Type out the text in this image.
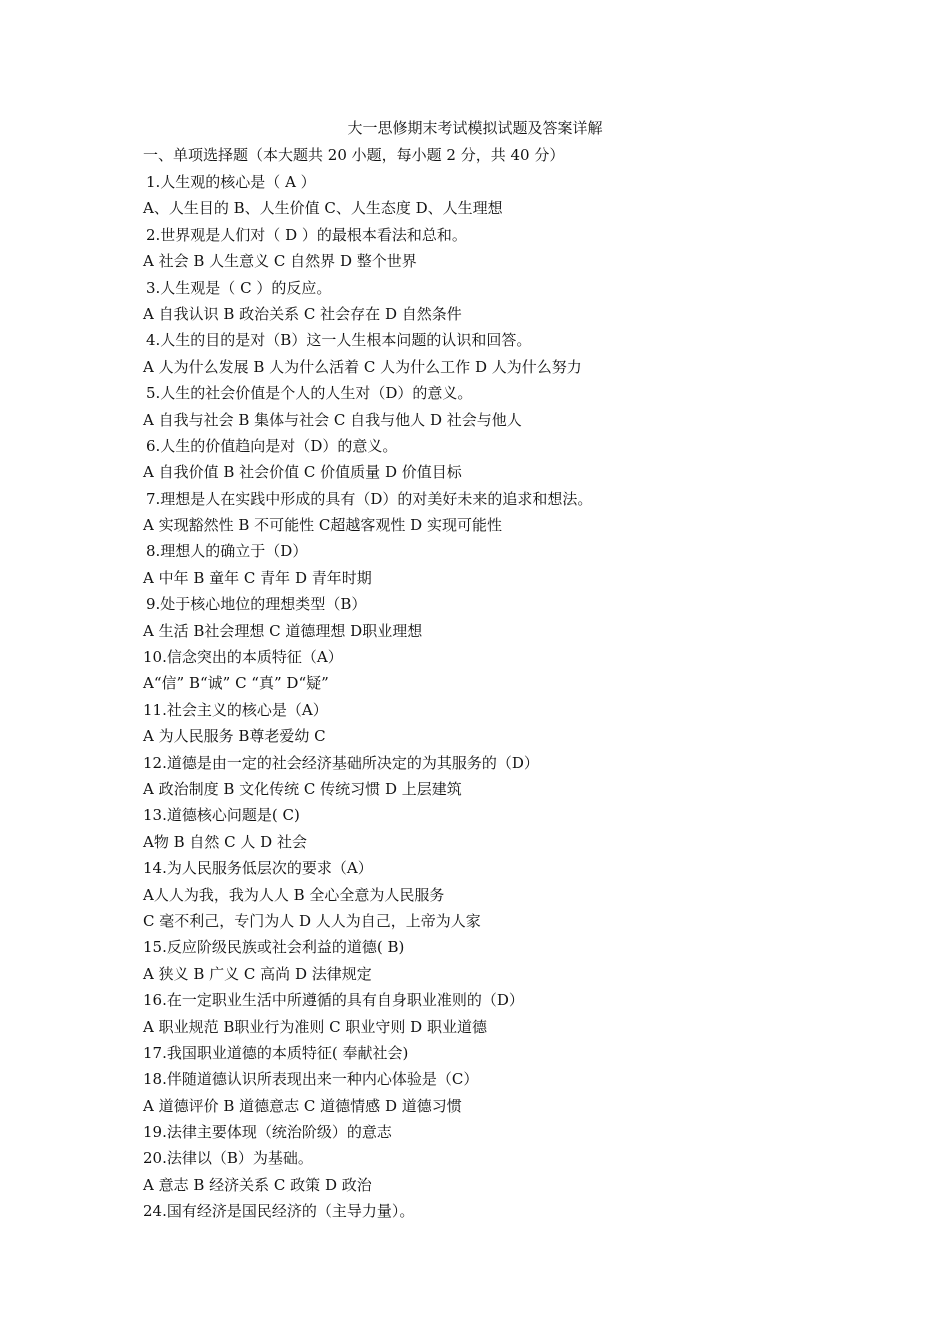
大一思修期末考试模拟试题及答案详解
一、单项选择题（本大题共 20 小题，每小题 2 分，共 40 分）
1.人生观的核心是（ A ）
A、人生目的 B、人生价值 C、人生态度 D、人生理想
2.世界观是人们对（ D ）的最根本看法和总和。
A 社会 B 人生意义 C 自然界 D 整个世界
3.人生观是（ C ）的反应。
A 自我认识 B 政治关系 C 社会存在 D 自然条件
4.人生的目的是对（B）这一人生根本问题的认识和回答。
A 人为什么发展 B 人为什么活着 C 人为什么工作 D 人为什么努力
5.人生的社会价值是个人的人生对（D）的意义。
A 自我与社会 B 集体与社会 C 自我与他人 D 社会与他人
6.人生的价值趋向是对（D）的意义。
A 自我价值 B 社会价值 C 价值质量 D 价值目标
7.理想是人在实践中形成的具有（D）的对美好未来的追求和想法。
A 实现豁然性 B 不可能性 C超越客观性 D 实现可能性
8.理想人的确立于（D）
A 中年 B 童年 C 青年 D 青年时期
9.处于核心地位的理想类型（B）
A 生活 B社会理想 C 道德理想 D职业理想
10.信念突出的本质特征（A）
A“信” B“诚” C “真” D“疑”
11.社会主义的核心是（A）
A 为人民服务 B尊老爱幼 C
12.道德是由一定的社会经济基础所决定的为其服务的（D）
A 政治制度 B 文化传统 C 传统习惯 D 上层建筑
13.道德核心问题是( C)
A物 B 自然 C 人 D 社会
14.为人民服务低层次的要求（A）
A人人为我，我为人人 B 全心全意为人民服务
C 毫不利己，专门为人 D 人人为自己，上帝为人家
15.反应阶级民族或社会利益的道德( B)
A 狭义 B 广义 C 高尚 D 法律规定
16.在一定职业生活中所遵循的具有自身职业准则的（D）
A 职业规范 B职业行为准则 C 职业守则 D 职业道德
17.我国职业道德的本质特征( 奉献社会)
18.伴随道德认识所表现出来一种内心体验是（C）
A 道德评价 B 道德意志 C 道德情感 D 道德习惯
19.法律主要体现（统治阶级）的意志
20.法律以（B）为基础。
A 意志 B 经济关系 C 政策 D 政治
24.国有经济是国民经济的（主导力量）。
